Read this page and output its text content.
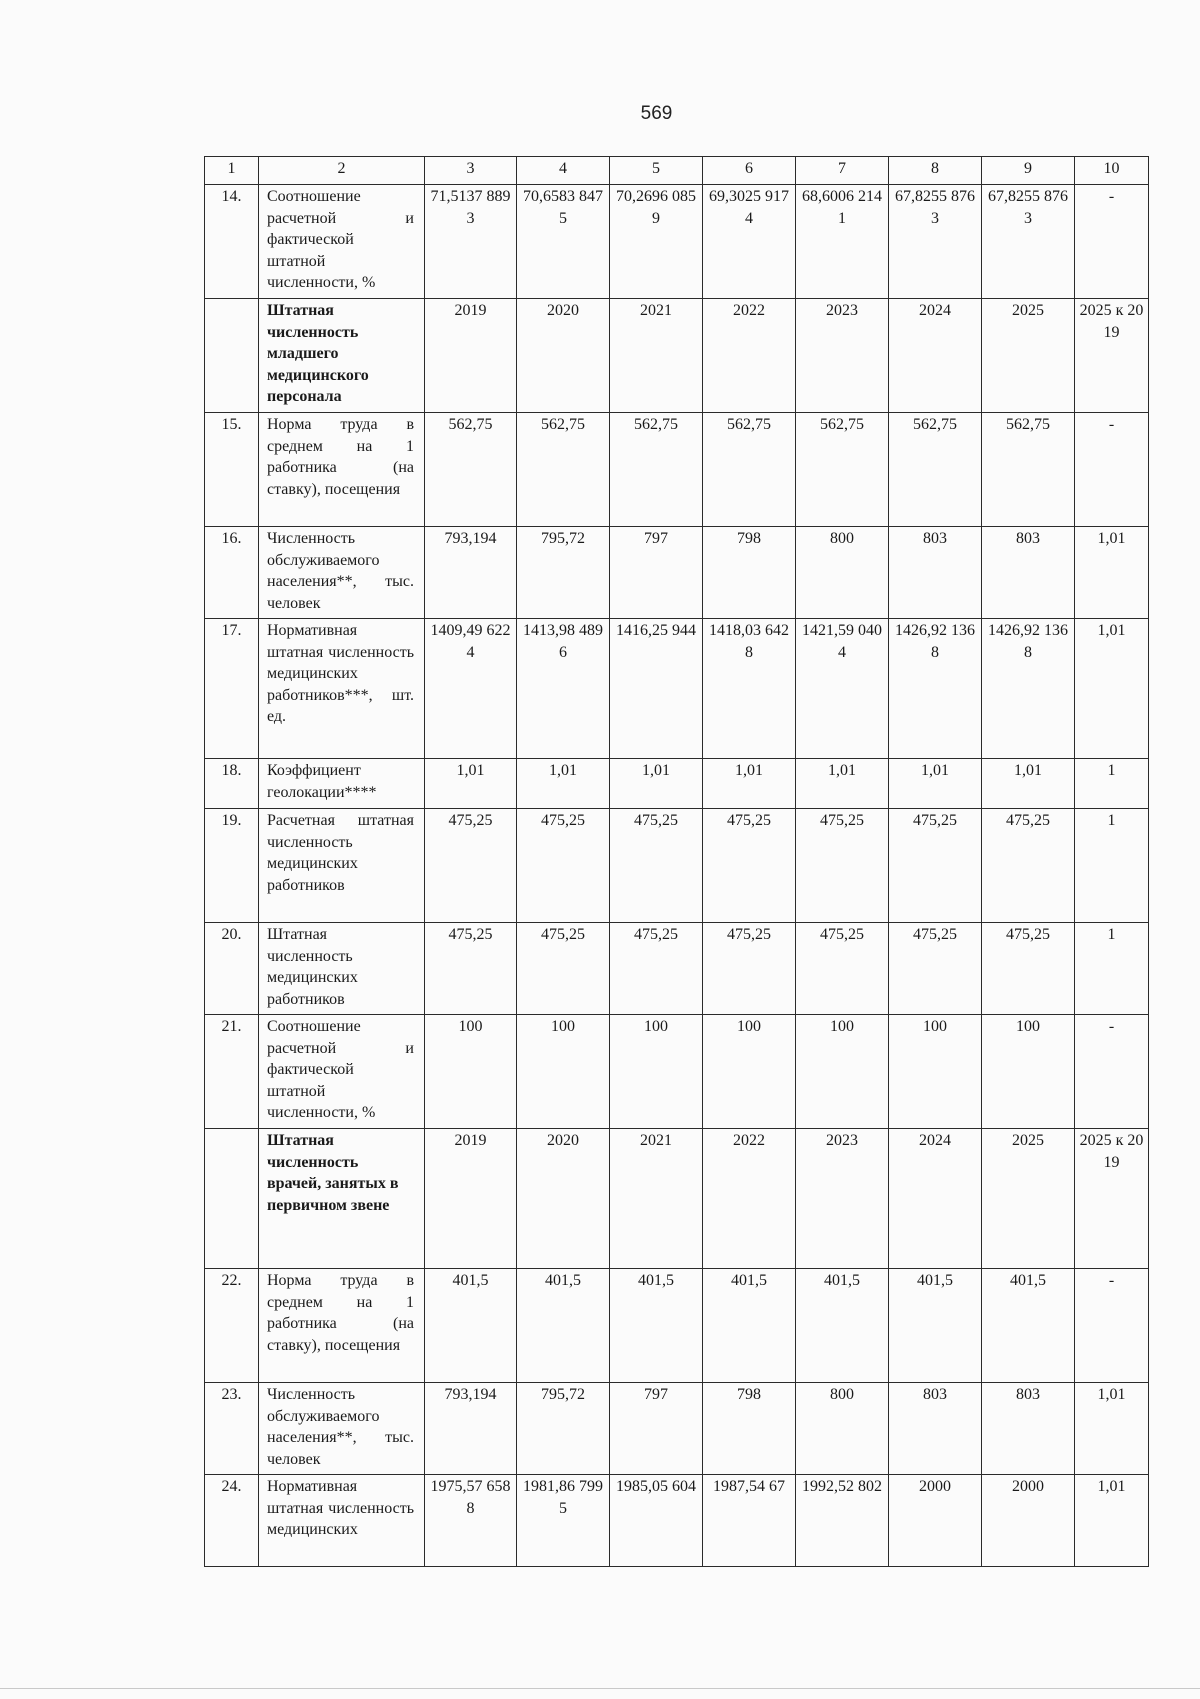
569
1	2	3	4	5	6	7	8	9	10
14.	Соотношение расчетной и фактической штатной численности, %	71,5137 8893	70,6583 8475	70,2696 0859	69,3025 9174	68,6006 2141	67,8255 8763	67,8255 8763	-
	Штатная численность младшего медицинского персонала	2019	2020	2021	2022	2023	2024	2025	2025 к 2019
15.	Норма труда в среднем на 1 работника (на ставку), посещения	562,75	562,75	562,75	562,75	562,75	562,75	562,75	-
16.	Численность обслуживаемого населения**, тыс. человек	793,194	795,72	797	798	800	803	803	1,01
17.	Нормативная штатная численность медицинских работников***, шт. ед.	1409,49 6224	1413,98 4896	1416,25 944	1418,03 6428	1421,59 0404	1426,92 1368	1426,92 1368	1,01
18.	Коэффициент геолокации****	1,01	1,01	1,01	1,01	1,01	1,01	1,01	1
19.	Расчетная штатная численность медицинских работников	475,25	475,25	475,25	475,25	475,25	475,25	475,25	1
20.	Штатная численность медицинских работников	475,25	475,25	475,25	475,25	475,25	475,25	475,25	1
21.	Соотношение расчетной и фактической штатной численности, %	100	100	100	100	100	100	100	-
	Штатная численность врачей, занятых в первичном звене	2019	2020	2021	2022	2023	2024	2025	2025 к 2019
22.	Норма труда в среднем на 1 работника (на ставку), посещения	401,5	401,5	401,5	401,5	401,5	401,5	401,5	-
23.	Численность обслуживаемого населения**, тыс. человек	793,194	795,72	797	798	800	803	803	1,01
24.	Нормативная штатная численность медицинских	1975,57 6588	1981,86 7995	1985,05 604	1987,54 67	1992,52 802	2000	2000	1,01
